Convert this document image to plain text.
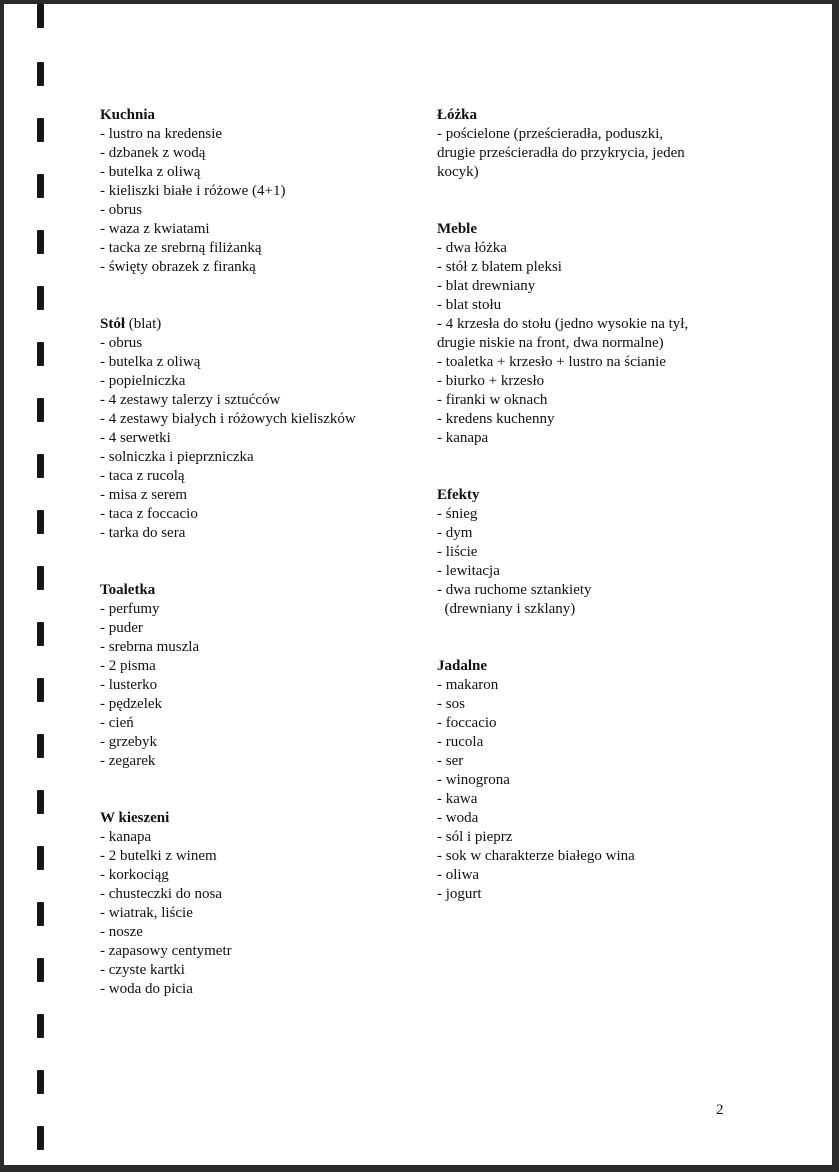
Kuchnia
- lustro na kredensie
- dzbanek z wodą
- butelka z oliwą
- kieliszki białe i różowe (4+1)
- obrus
- waza z kwiatami
- tacka ze srebrną filiżanką
- święty obrazek z firanką
Stół (blat)
- obrus
- butelka z oliwą
- popielniczka
- 4 zestawy talerzy i sztućców
- 4 zestawy białych i różowych kieliszków
- 4 serwetki
- solniczka i pieprzniczka
- taca z rucolą
- misa z serem
- taca z foccacio
- tarka do sera
Toaletka
- perfumy
- puder
- srebrna muszla
- 2 pisma
- lusterko
- pędzelek
- cień
- grzebyk
- zegarek
W kieszeni
- kanapa
- 2 butelki z winem
- korkociąg
- chusteczki do nosa
- wiatrak, liście
- nosze
- zapasowy centymetr
- czyste kartki
- woda do picia
Łóżka
- pościelone (prześcieradła, poduszki,
drugie prześcieradła do przykrycia, jeden
kocyk)
Meble
- dwa łóżka
- stół z blatem pleksi
- blat drewniany
- blat stołu
- 4 krzesła do stołu (jedno wysokie na tył,
drugie niskie na front, dwa normalne)
- toaletka + krzesło + lustro na ścianie
- biurko + krzesło
- firanki w oknach
- kredens kuchenny
- kanapa
Efekty
- śnieg
- dym
- liście
- lewitacja
- dwa ruchome sztankiety
(drewniany i szklany)
Jadalne
- makaron
- sos
- foccacio
- rucola
- ser
- winogrona
- kawa
- woda
- sól i pieprz
- sok w charakterze białego wina
- oliwa
- jogurt
2
